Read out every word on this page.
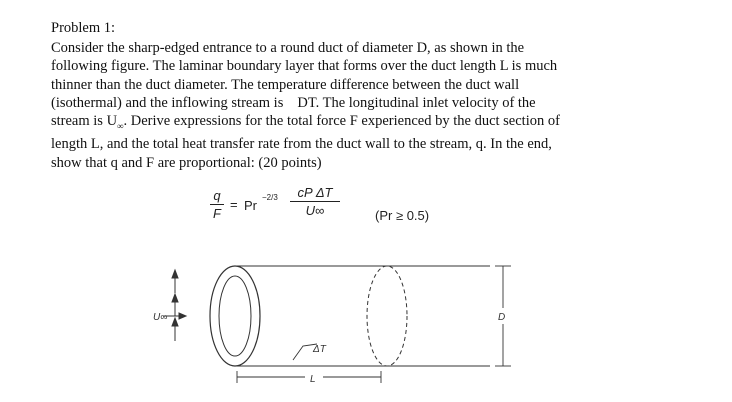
Problem 1:
Consider the sharp-edged entrance to a round duct of diameter D, as shown in the
following figure. The laminar boundary layer that forms over the duct length L is much
thinner than the duct diameter. The temperature difference between the duct wall
(isothermal) and the inflowing stream is DT. The longitudinal inlet velocity of the
stream is $U_\infty$. Derive expressions for the total force F experienced by the duct section of
length L, and the total heat transfer rate from the duct wall to the stream, q. In the end,
show that q and F are proportional: (20 points)
q
F
= Pr
−2/3	cP ΔT
U∞	(Pr ≥ 0.5)
U∞
ΔT
L
D
